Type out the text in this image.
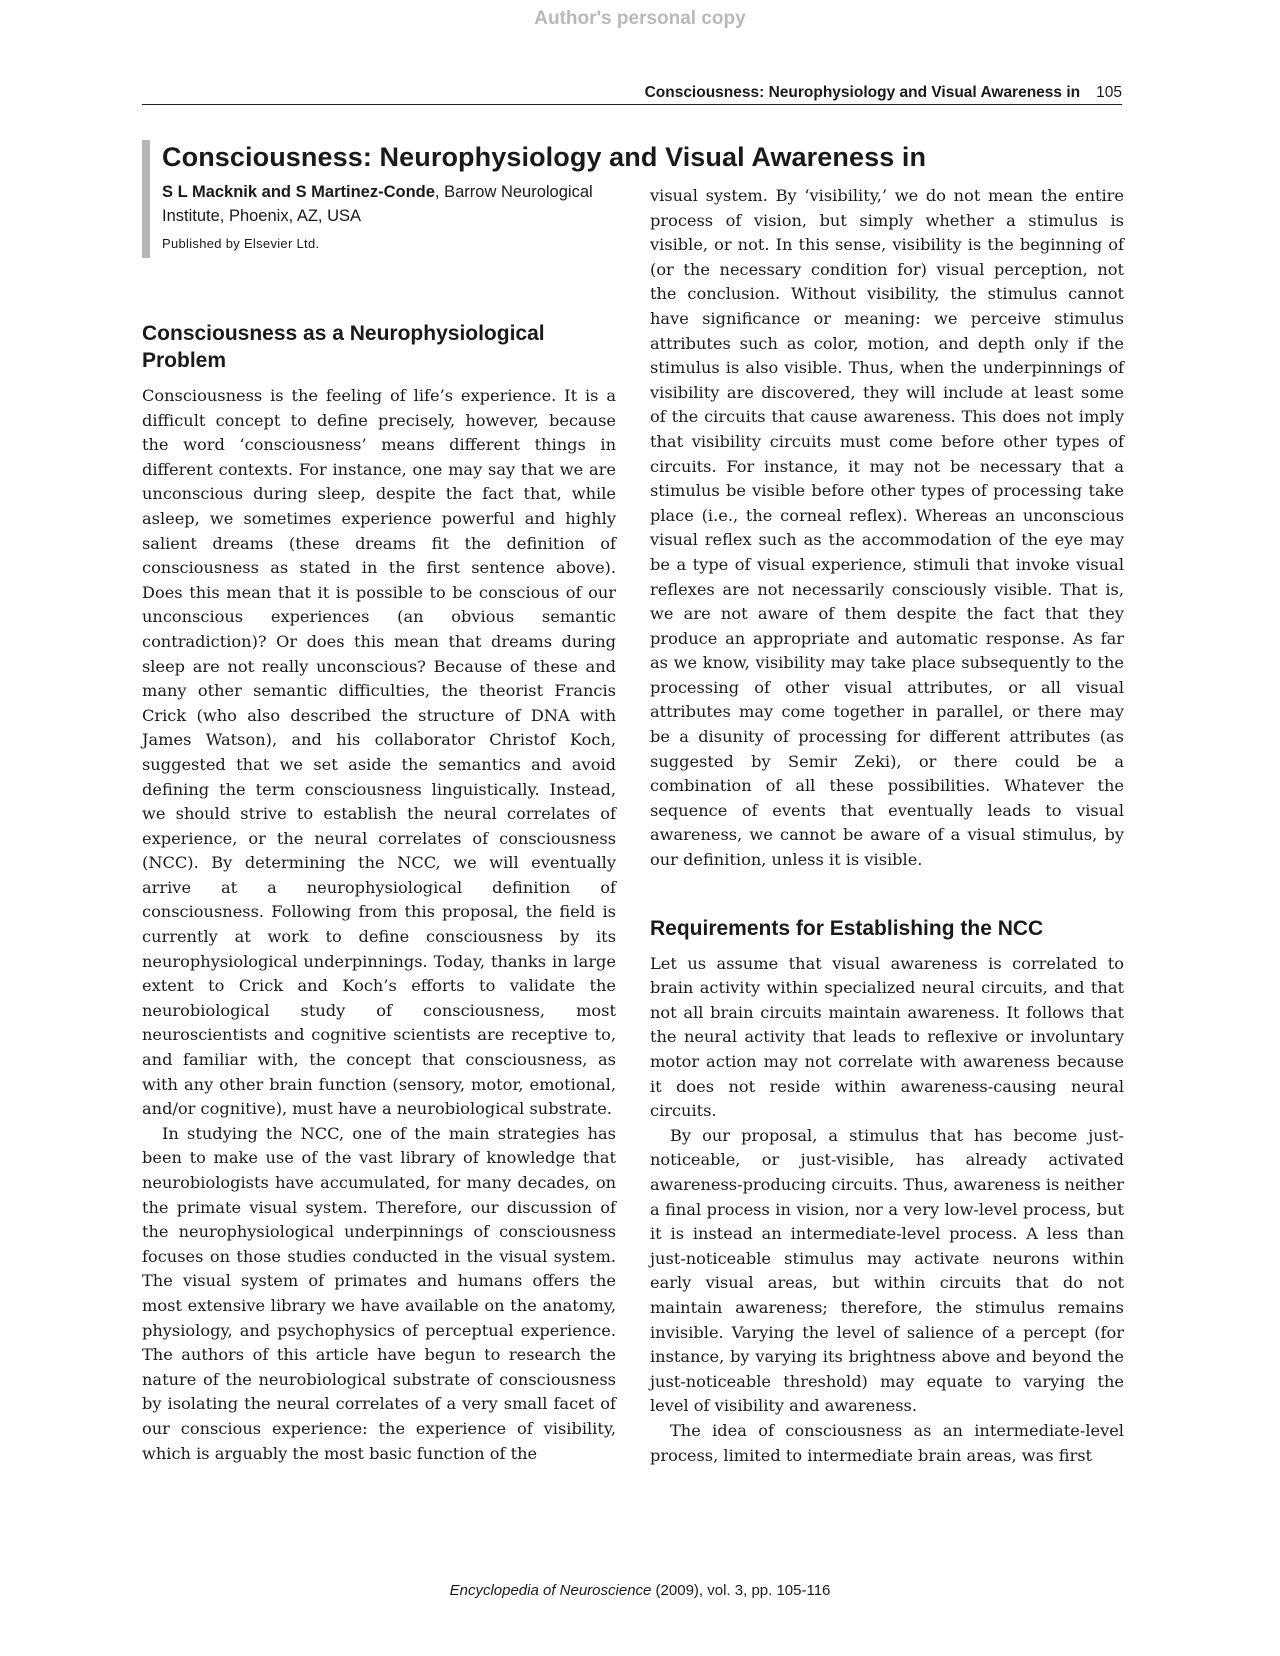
Author's personal copy
Consciousness: Neurophysiology and Visual Awareness in 105
Consciousness: Neurophysiology and Visual Awareness in
S L Macknik and S Martinez-Conde, Barrow Neurological Institute, Phoenix, AZ, USA
Published by Elsevier Ltd.
Consciousness as a Neurophysiological Problem

Consciousness is the feeling of life’s experience. It is a difficult concept to define precisely, however, because the word ‘consciousness’ means different things in different contexts. For instance, one may say that we are unconscious during sleep, despite the fact that, while asleep, we sometimes experience powerful and highly salient dreams (these dreams fit the definition of consciousness as stated in the first sentence above). Does this mean that it is possible to be conscious of our unconscious experiences (an obvious semantic contradiction)? Or does this mean that dreams during sleep are not really unconscious? Because of these and many other semantic difficulties, the theorist Francis Crick (who also described the structure of DNA with James Watson), and his collaborator Christof Koch, suggested that we set aside the semantics and avoid defining the term consciousness linguistically. Instead, we should strive to establish the neural correlates of experience, or the neural correlates of consciousness (NCC). By determining the NCC, we will eventually arrive at a neurophysiological definition of consciousness. Following from this proposal, the field is currently at work to define consciousness by its neurophysiological underpinnings. Today, thanks in large extent to Crick and Koch’s efforts to validate the neurobiological study of consciousness, most neuroscientists and cognitive scientists are receptive to, and familiar with, the concept that consciousness, as with any other brain function (sensory, motor, emotional, and/or cognitive), must have a neurobiological substrate.

In studying the NCC, one of the main strategies has been to make use of the vast library of knowledge that neurobiologists have accumulated, for many decades, on the primate visual system. Therefore, our discussion of the neurophysiological underpinnings of consciousness focuses on those studies conducted in the visual system. The visual system of primates and humans offers the most extensive library we have available on the anatomy, physiology, and psychophysics of perceptual experience. The authors of this article have begun to research the nature of the neurobiological substrate of consciousness by isolating the neural correlates of a very small facet of our conscious experience: the experience of visibility, which is arguably the most basic function of the

visual system. By ‘visibility,’ we do not mean the entire process of vision, but simply whether a stimulus is visible, or not. In this sense, visibility is the beginning of (or the necessary condition for) visual perception, not the conclusion. Without visibility, the stimulus cannot have significance or meaning: we perceive stimulus attributes such as color, motion, and depth only if the stimulus is also visible. Thus, when the underpinnings of visibility are discovered, they will include at least some of the circuits that cause awareness. This does not imply that visibility circuits must come before other types of circuits. For instance, it may not be necessary that a stimulus be visible before other types of processing take place (i.e., the corneal reflex). Whereas an unconscious visual reflex such as the accommodation of the eye may be a type of visual experience, stimuli that invoke visual reflexes are not necessarily consciously visible. That is, we are not aware of them despite the fact that they produce an appropriate and automatic response. As far as we know, visibility may take place subsequently to the processing of other visual attributes, or all visual attributes may come together in parallel, or there may be a disunity of processing for different attributes (as suggested by Semir Zeki), or there could be a combination of all these possibilities. Whatever the sequence of events that eventually leads to visual awareness, we cannot be aware of a visual stimulus, by our definition, unless it is visible.

Requirements for Establishing the NCC

Let us assume that visual awareness is correlated to brain activity within specialized neural circuits, and that not all brain circuits maintain awareness. It follows that the neural activity that leads to reflexive or involuntary motor action may not correlate with awareness because it does not reside within awareness-causing neural circuits.

By our proposal, a stimulus that has become just-noticeable, or just-visible, has already activated awareness-producing circuits. Thus, awareness is neither a final process in vision, nor a very low-level process, but it is instead an intermediate-level process. A less than just-noticeable stimulus may activate neurons within early visual areas, but within circuits that do not maintain awareness; therefore, the stimulus remains invisible. Varying the level of salience of a percept (for instance, by varying its brightness above and beyond the just-noticeable threshold) may equate to varying the level of visibility and awareness.

The idea of consciousness as an intermediate-level process, limited to intermediate brain areas, was first

Encyclopedia of Neuroscience (2009), vol. 3, pp. 105-116
